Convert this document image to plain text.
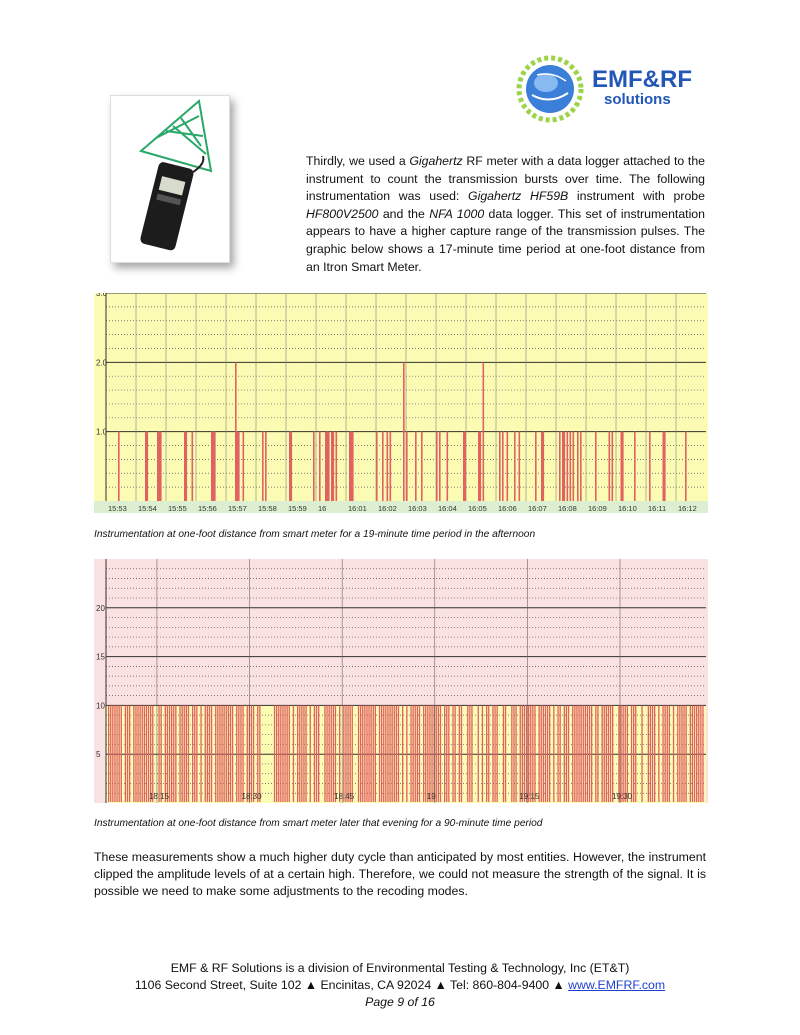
EMF&RF
solutions
Thirdly, we used a Gigahertz RF meter with a data logger attached to the instrument to count the transmission bursts over time. The following instrumentation was used: Gigahertz HF59B instrument with probe HF800V2500 and the NFA 1000 data logger. This set of instrumentation appears to have a higher capture range of the transmission pulses. The graphic below shows a 17-minute time period at one-foot distance from an Itron Smart Meter.
3.0
2.0
1.0
15:53 15:54 15:55 15:56 15:57 15:58 15:59 16	16:01 16:02 16:03 16:04 16:05 16:06 16:07 16:08 16:09 16:10 16:11 16:12
Instrumentation at one-foot distance from smart meter for a 19-minute time period in the afternoon
20
15
10
5
18:15	18:30	18:45	19	19:15	19:30
Instrumentation at one-foot distance from smart meter later that evening for a 90-minute time period
These measurements show a much higher duty cycle than anticipated by most entities. However, the instrument clipped the amplitude levels of at a certain high. Therefore, we could not measure the strength of the signal. It is possible we need to make some adjustments to the recoding modes.
EMF & RF Solutions is a division of Environmental Testing & Technology, Inc (ET&T)
1106 Second Street, Suite 102 ▲ Encinitas, CA 92024 ▲ Tel: 860-804-9400 ▲ www.EMFRF.com
Page 9 of 16
